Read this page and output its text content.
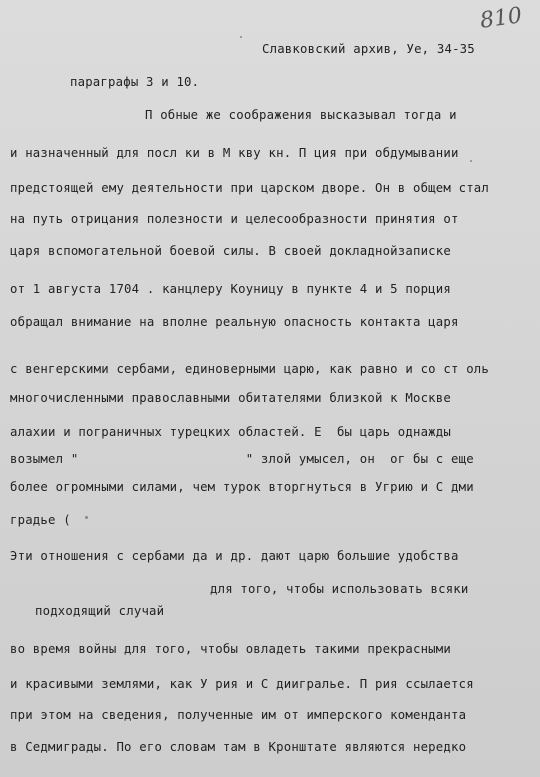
810
Славковский архив, Уе, 34-35
параграфы 3 и 10.
П обные же соображения высказывал тогда и
и назначенный для посл ки в М кву кн. П ция при обдумывании
предстоящей ему деятельности при царском дворе. Он в общем стал
на путь отрицания полезности и целесообразности принятия от
царя вспомогательной боевой силы. В своей докладнойзаписке
от 1 августа 1704 . канцлеру Коуницу в пункте 4 и 5 порция
обращал внимание на вполне реальную опасность контакта царя
с венгерскими сербами, единоверными царю, как равно и со ст оль
многочисленными православными обитателями близкой к Москве
алахии и пограничных турецких областей. Е  бы царь однажды
возымел "                      " злой умысел, он  ог бы с еще
более огромными силами, чем турок вторгнуться в Угрию и С дми
градье (
Эти отношения с сербами да и др. дают царю большие удобства
для того, чтобы использовать всяки
подходящий случай
во время войны для того, чтобы овладеть такими прекрасными
и красивыми землями, как У рия и С диигралье. П рия ссылается
при этом на сведения, полученные им от имперского коменданта
в Седмиграды. По его словам там в Кронштате являются нередко
